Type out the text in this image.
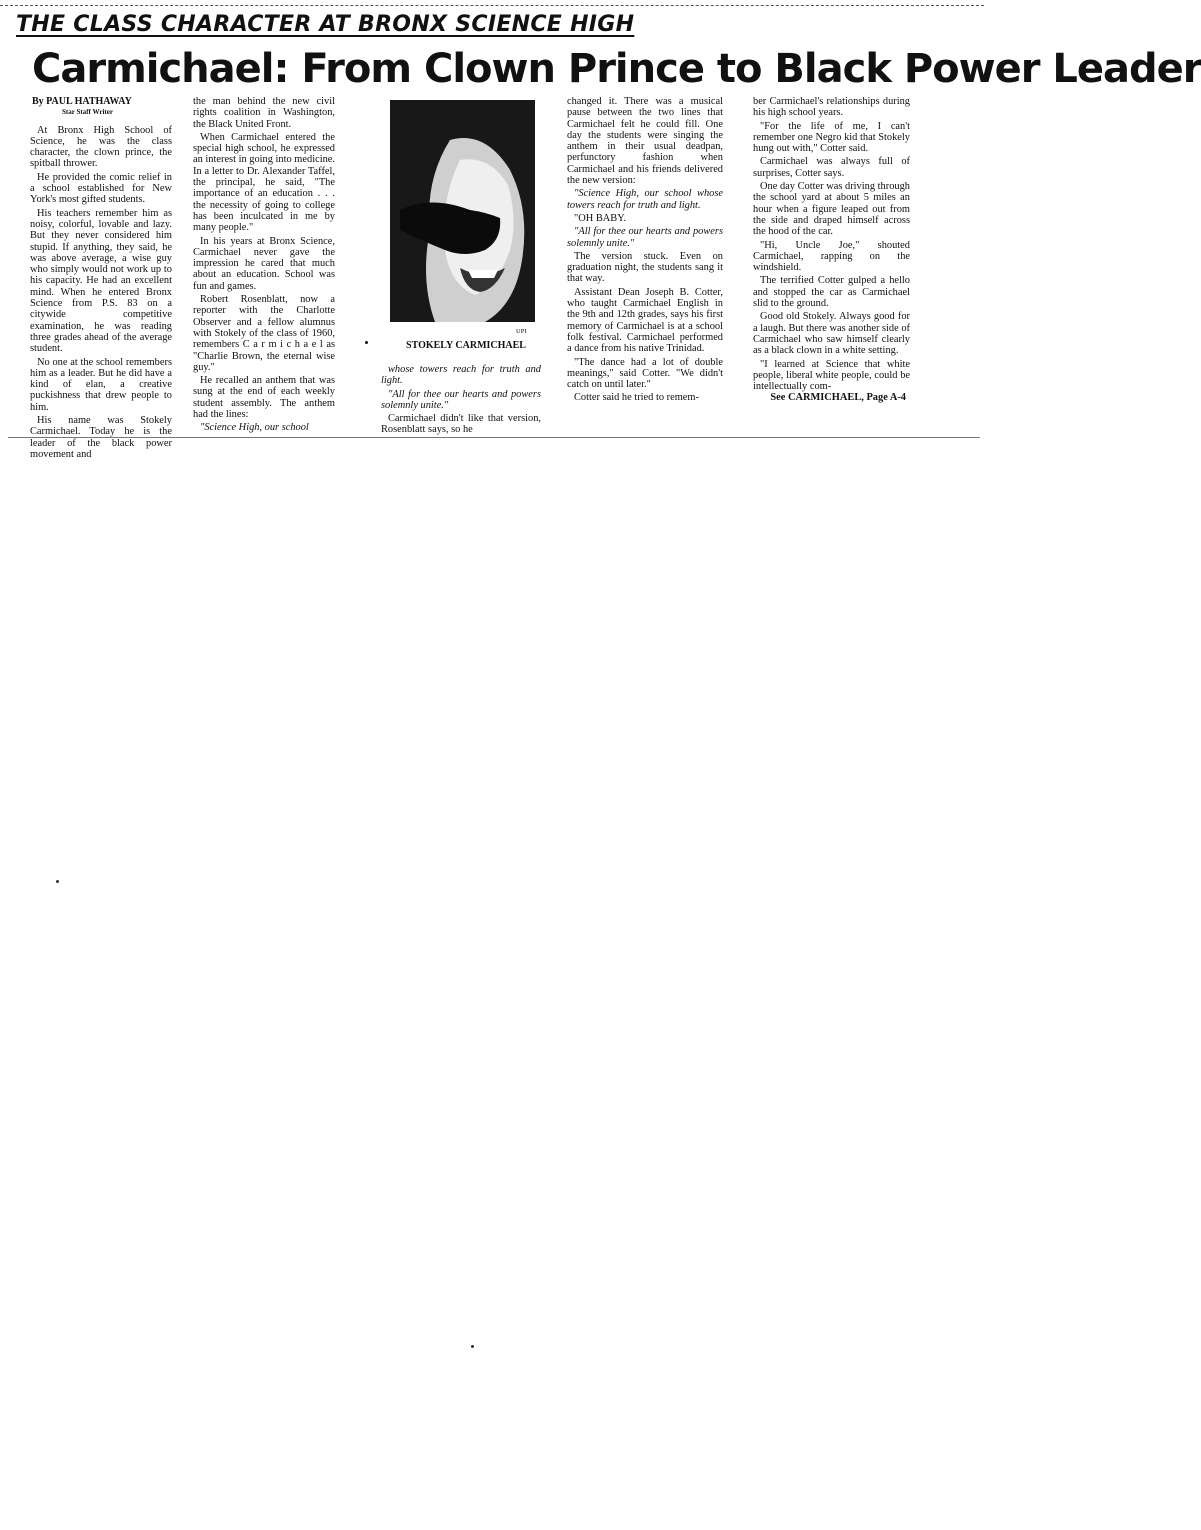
THE CLASS CHARACTER AT BRONX SCIENCE HIGH
Carmichael: From Clown Prince to Black Power Leader
By PAUL HATHAWAY
Star Staff Writer

At Bronx High School of Science, he was the class character, the clown prince, the spitball thrower.

He provided the comic relief in a school established for New York's most gifted students.

His teachers remember him as noisy, colorful, lovable and lazy. But they never considered him stupid. If anything, they said, he was above average, a wise guy who simply would not work up to his capacity. He had an excellent mind. When he entered Bronx Science from P.S. 83 on a citywide competitive examination, he was reading three grades ahead of the average student.

No one at the school remembers him as a leader. But he did have a kind of elan, a creative puckishness that drew people to him.

His name was Stokely Carmichael. Today he is the leader of the black power movement and

the man behind the new civil rights coalition in Washington, the Black United Front.

When Carmichael entered the special high school, he expressed an interest in going into medicine. In a letter to Dr. Alexander Taffel, the principal, he said, "The importance of an education . . . the necessity of going to college has been inculcated in me by many people."

In his years at Bronx Science, Carmichael never gave the impression he cared that much about an education. School was fun and games.

Robert Rosenblatt, now a reporter with the Charlotte Observer and a fellow alumnus with Stokely of the class of 1960, remembers C a r m i c h a e l as "Charlie Brown, the eternal wise guy."

He recalled an anthem that was sung at the end of each weekly student assembly. The anthem had the lines:

"Science High, our school

UPI
STOKELY CARMICHAEL

whose towers reach for truth and light.

"All for thee our hearts and powers solemnly unite."

Carmichael didn't like that version, Rosenblatt says, so he

changed it. There was a musical pause between the two lines that Carmichael felt he could fill. One day the students were singing the anthem in their usual deadpan, perfunctory fashion when Carmichael and his friends delivered the new version:

"Science High, our school whose towers reach for truth and light.

"OH BABY.

"All for thee our hearts and powers solemnly unite."

The version stuck. Even on graduation night, the students sang it that way.

Assistant Dean Joseph B. Cotter, who taught Carmichael English in the 9th and 12th grades, says his first memory of Carmichael is at a school folk festival. Carmichael performed a dance from his native Trinidad.

"The dance had a lot of double meanings," said Cotter. "We didn't catch on until later."

Cotter said he tried to remem-

ber Carmichael's relationships during his high school years.

"For the life of me, I can't remember one Negro kid that Stokely hung out with," Cotter said.

Carmichael was always full of surprises, Cotter says.

One day Cotter was driving through the school yard at about 5 miles an hour when a figure leaped out from the side and draped himself across the hood of the car.

"Hi, Uncle Joe," shouted Carmichael, rapping on the windshield.

The terrified Cotter gulped a hello and stopped the car as Carmichael slid to the ground.

Good old Stokely. Always good for a laugh. But there was another side of Carmichael who saw himself clearly as a black clown in a white setting.

"I learned at Science that white people, liberal white people, could be intellectually com-

See CARMICHAEL, Page A-4
